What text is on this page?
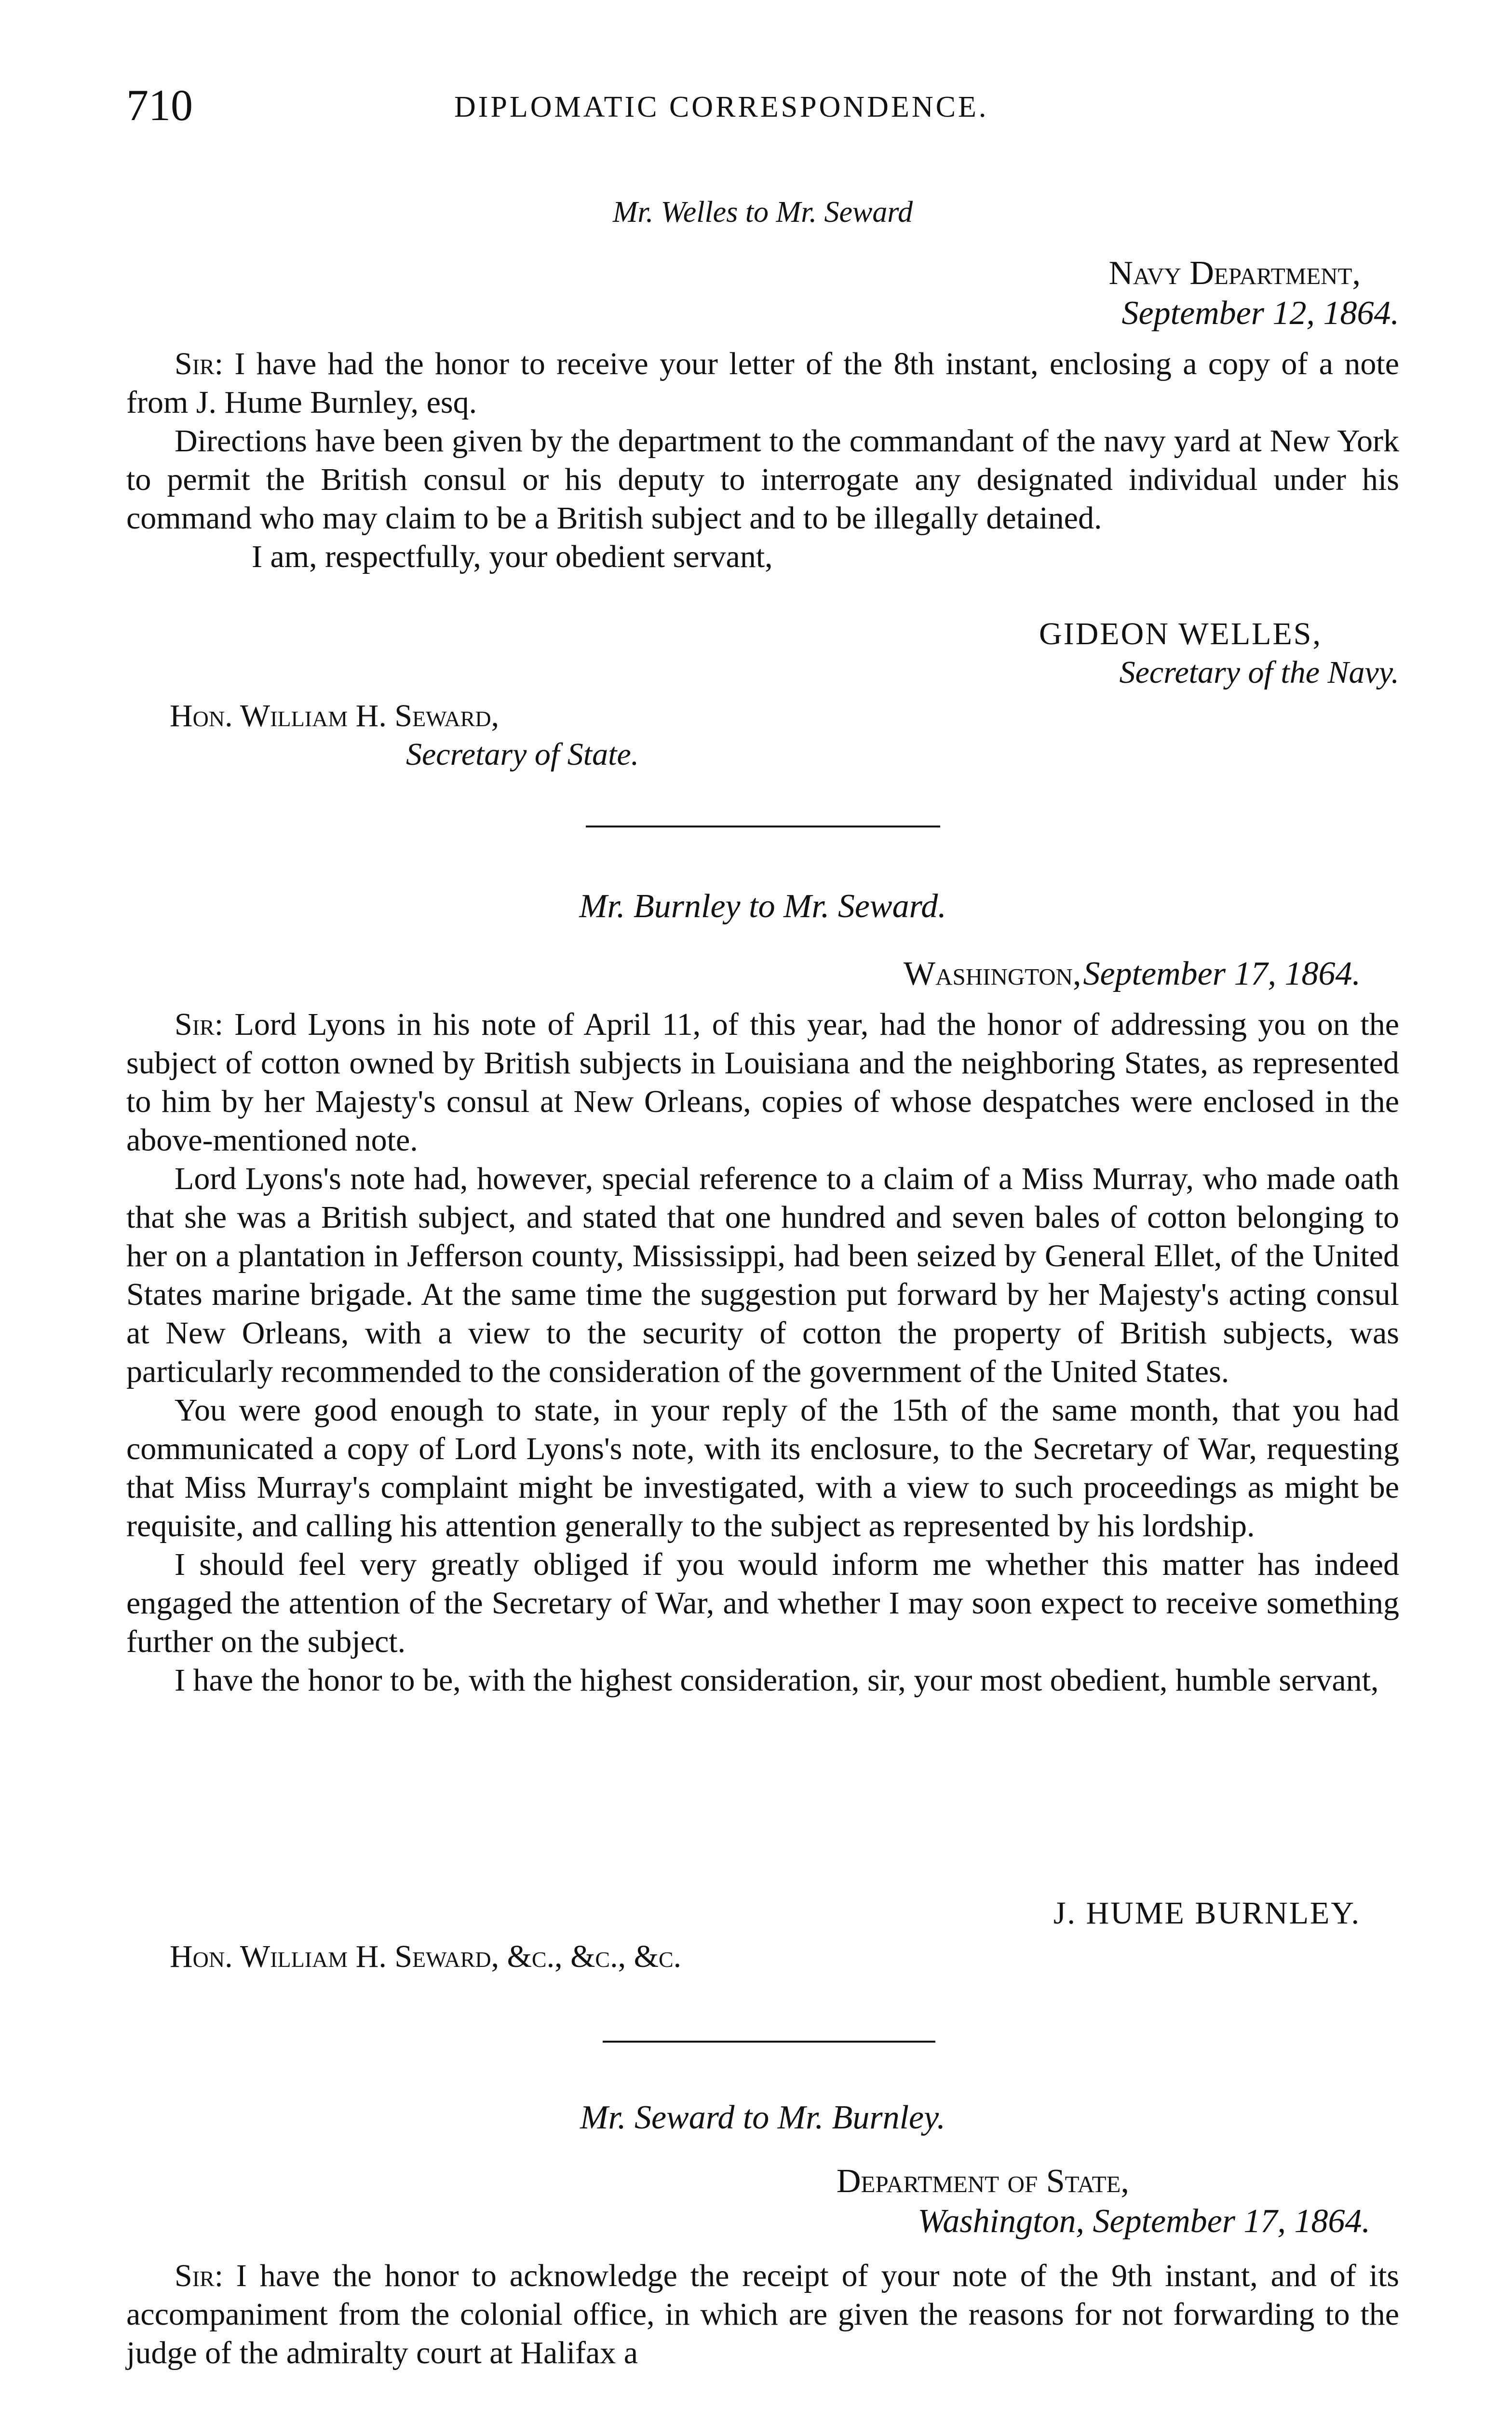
710	DIPLOMATIC CORRESPONDENCE.
Mr. Welles to Mr. Seward
Navy Department,
September 12, 1864.

Sir: I have had the honor to receive your letter of the 8th instant, enclosing a copy of a note from J. Hume Burnley, esq.

Directions have been given by the department to the commandant of the navy yard at New York to permit the British consul or his deputy to interrogate any designated individual under his command who may claim to be a British subject and to be illegally detained.

I am, respectfully, your obedient servant,

GIDEON WELLES,
Secretary of the Navy.
Hon. William H. Seward,
Secretary of State.
Mr. Burnley to Mr. Seward.
Washington, September 17, 1864.

Sir: Lord Lyons in his note of April 11, of this year, had the honor of addressing you on the subject of cotton owned by British subjects in Louisiana and the neighboring States, as represented to him by her Majesty's consul at New Orleans, copies of whose despatches were enclosed in the above-mentioned note.

Lord Lyons's note had, however, special reference to a claim of a Miss Murray, who made oath that she was a British subject, and stated that one hundred and seven bales of cotton belonging to her on a plantation in Jefferson county, Mississippi, had been seized by General Ellet, of the United States marine brigade. At the same time the suggestion put forward by her Majesty's acting consul at New Orleans, with a view to the security of cotton the property of British subjects, was particularly recommended to the consideration of the government of the United States.

You were good enough to state, in your reply of the 15th of the same month, that you had communicated a copy of Lord Lyons's note, with its enclosure, to the Secretary of War, requesting that Miss Murray's complaint might be investigated, with a view to such proceedings as might be requisite, and calling his attention generally to the subject as represented by his lordship.

I should feel very greatly obliged if you would inform me whether this matter has indeed engaged the attention of the Secretary of War, and whether I may soon expect to receive something further on the subject.

I have the honor to be, with the highest consideration, sir, your most obedient, humble servant,

J. HUME BURNLEY.
Hon. William H. Seward, &c., &c., &c.
Mr. Seward to Mr. Burnley.
Department of State,
Washington, September 17, 1864.

Sir: I have the honor to acknowledge the receipt of your note of the 9th instant, and of its accompaniment from the colonial office, in which are given the reasons for not forwarding to the judge of the admiralty court at Halifax a
